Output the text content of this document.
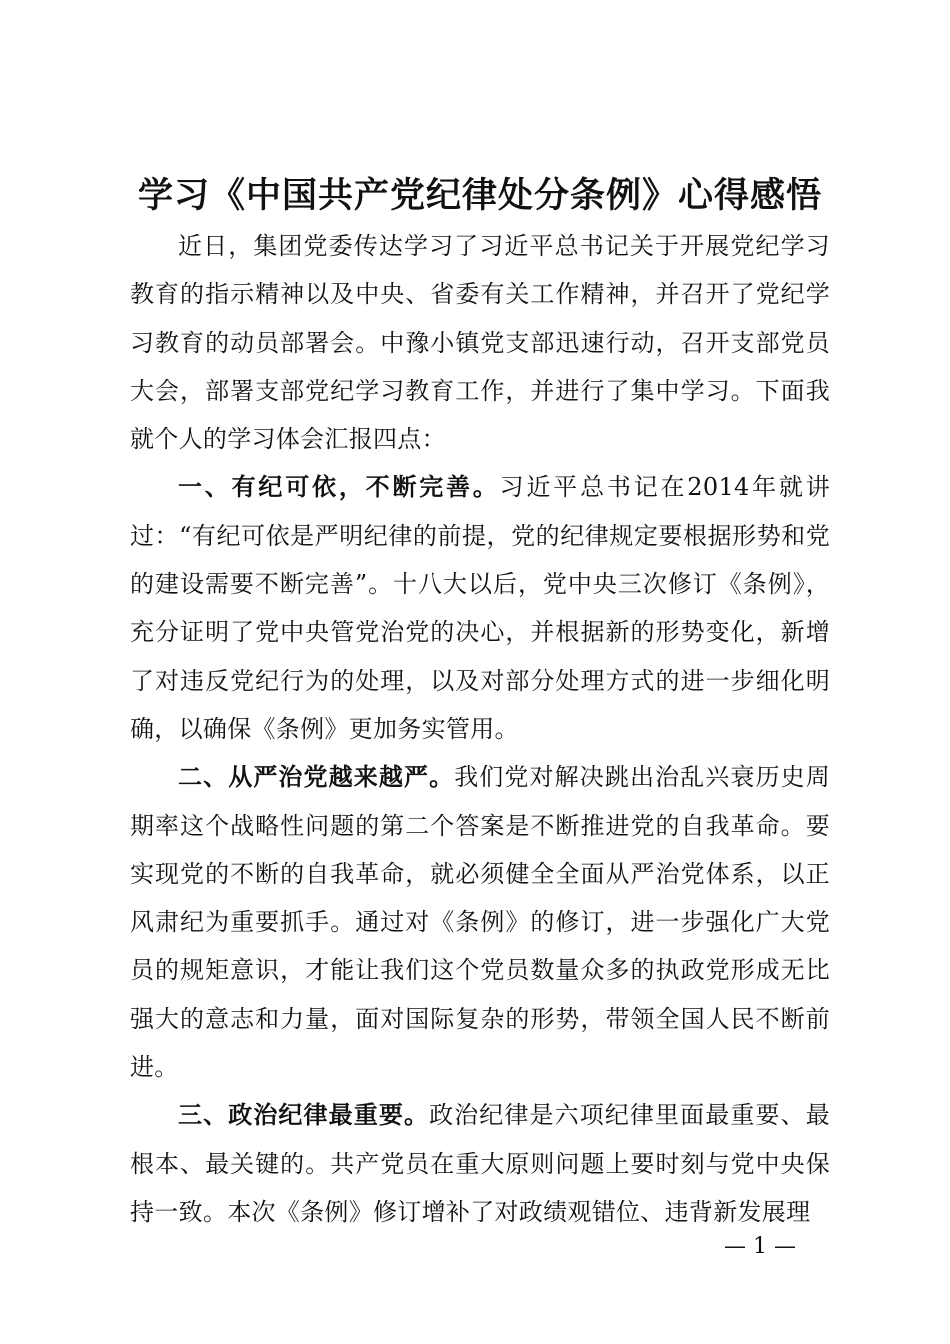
学习《中国共产党纪律处分条例》心得感悟

近日，集团党委传达学习了习近平总书记关于开展党纪学习教育的指示精神以及中央、省委有关工作精神，并召开了党纪学习教育的动员部署会。中豫小镇党支部迅速行动，召开支部党员大会，部署支部党纪学习教育工作，并进行了集中学习。下面我就个人的学习体会汇报四点：

一、有纪可依，不断完善。习近平总书记在2014年就讲过：“有纪可依是严明纪律的前提，党的纪律规定要根据形势和党的建设需要不断完善”。十八大以后，党中央三次修订《条例》，充分证明了党中央管党治党的决心，并根据新的形势变化，新增了对违反党纪行为的处理，以及对部分处理方式的进一步细化明确，以确保《条例》更加务实管用。

二、从严治党越来越严。我们党对解决跳出治乱兴衰历史周期率这个战略性问题的第二个答案是不断推进党的自我革命。要实现党的不断的自我革命，就必须健全全面从严治党体系，以正风肃纪为重要抓手。通过对《条例》的修订，进一步强化广大党员的规矩意识，才能让我们这个党员数量众多的执政党形成无比强大的意志和力量，面对国际复杂的形势，带领全国人民不断前进。

三、政治纪律最重要。政治纪律是六项纪律里面最重要、最根本、最关键的。共产党员在重大原则问题上要时刻与党中央保持一致。本次《条例》修订增补了对政绩观错位、违背新发展理

— 1 —
